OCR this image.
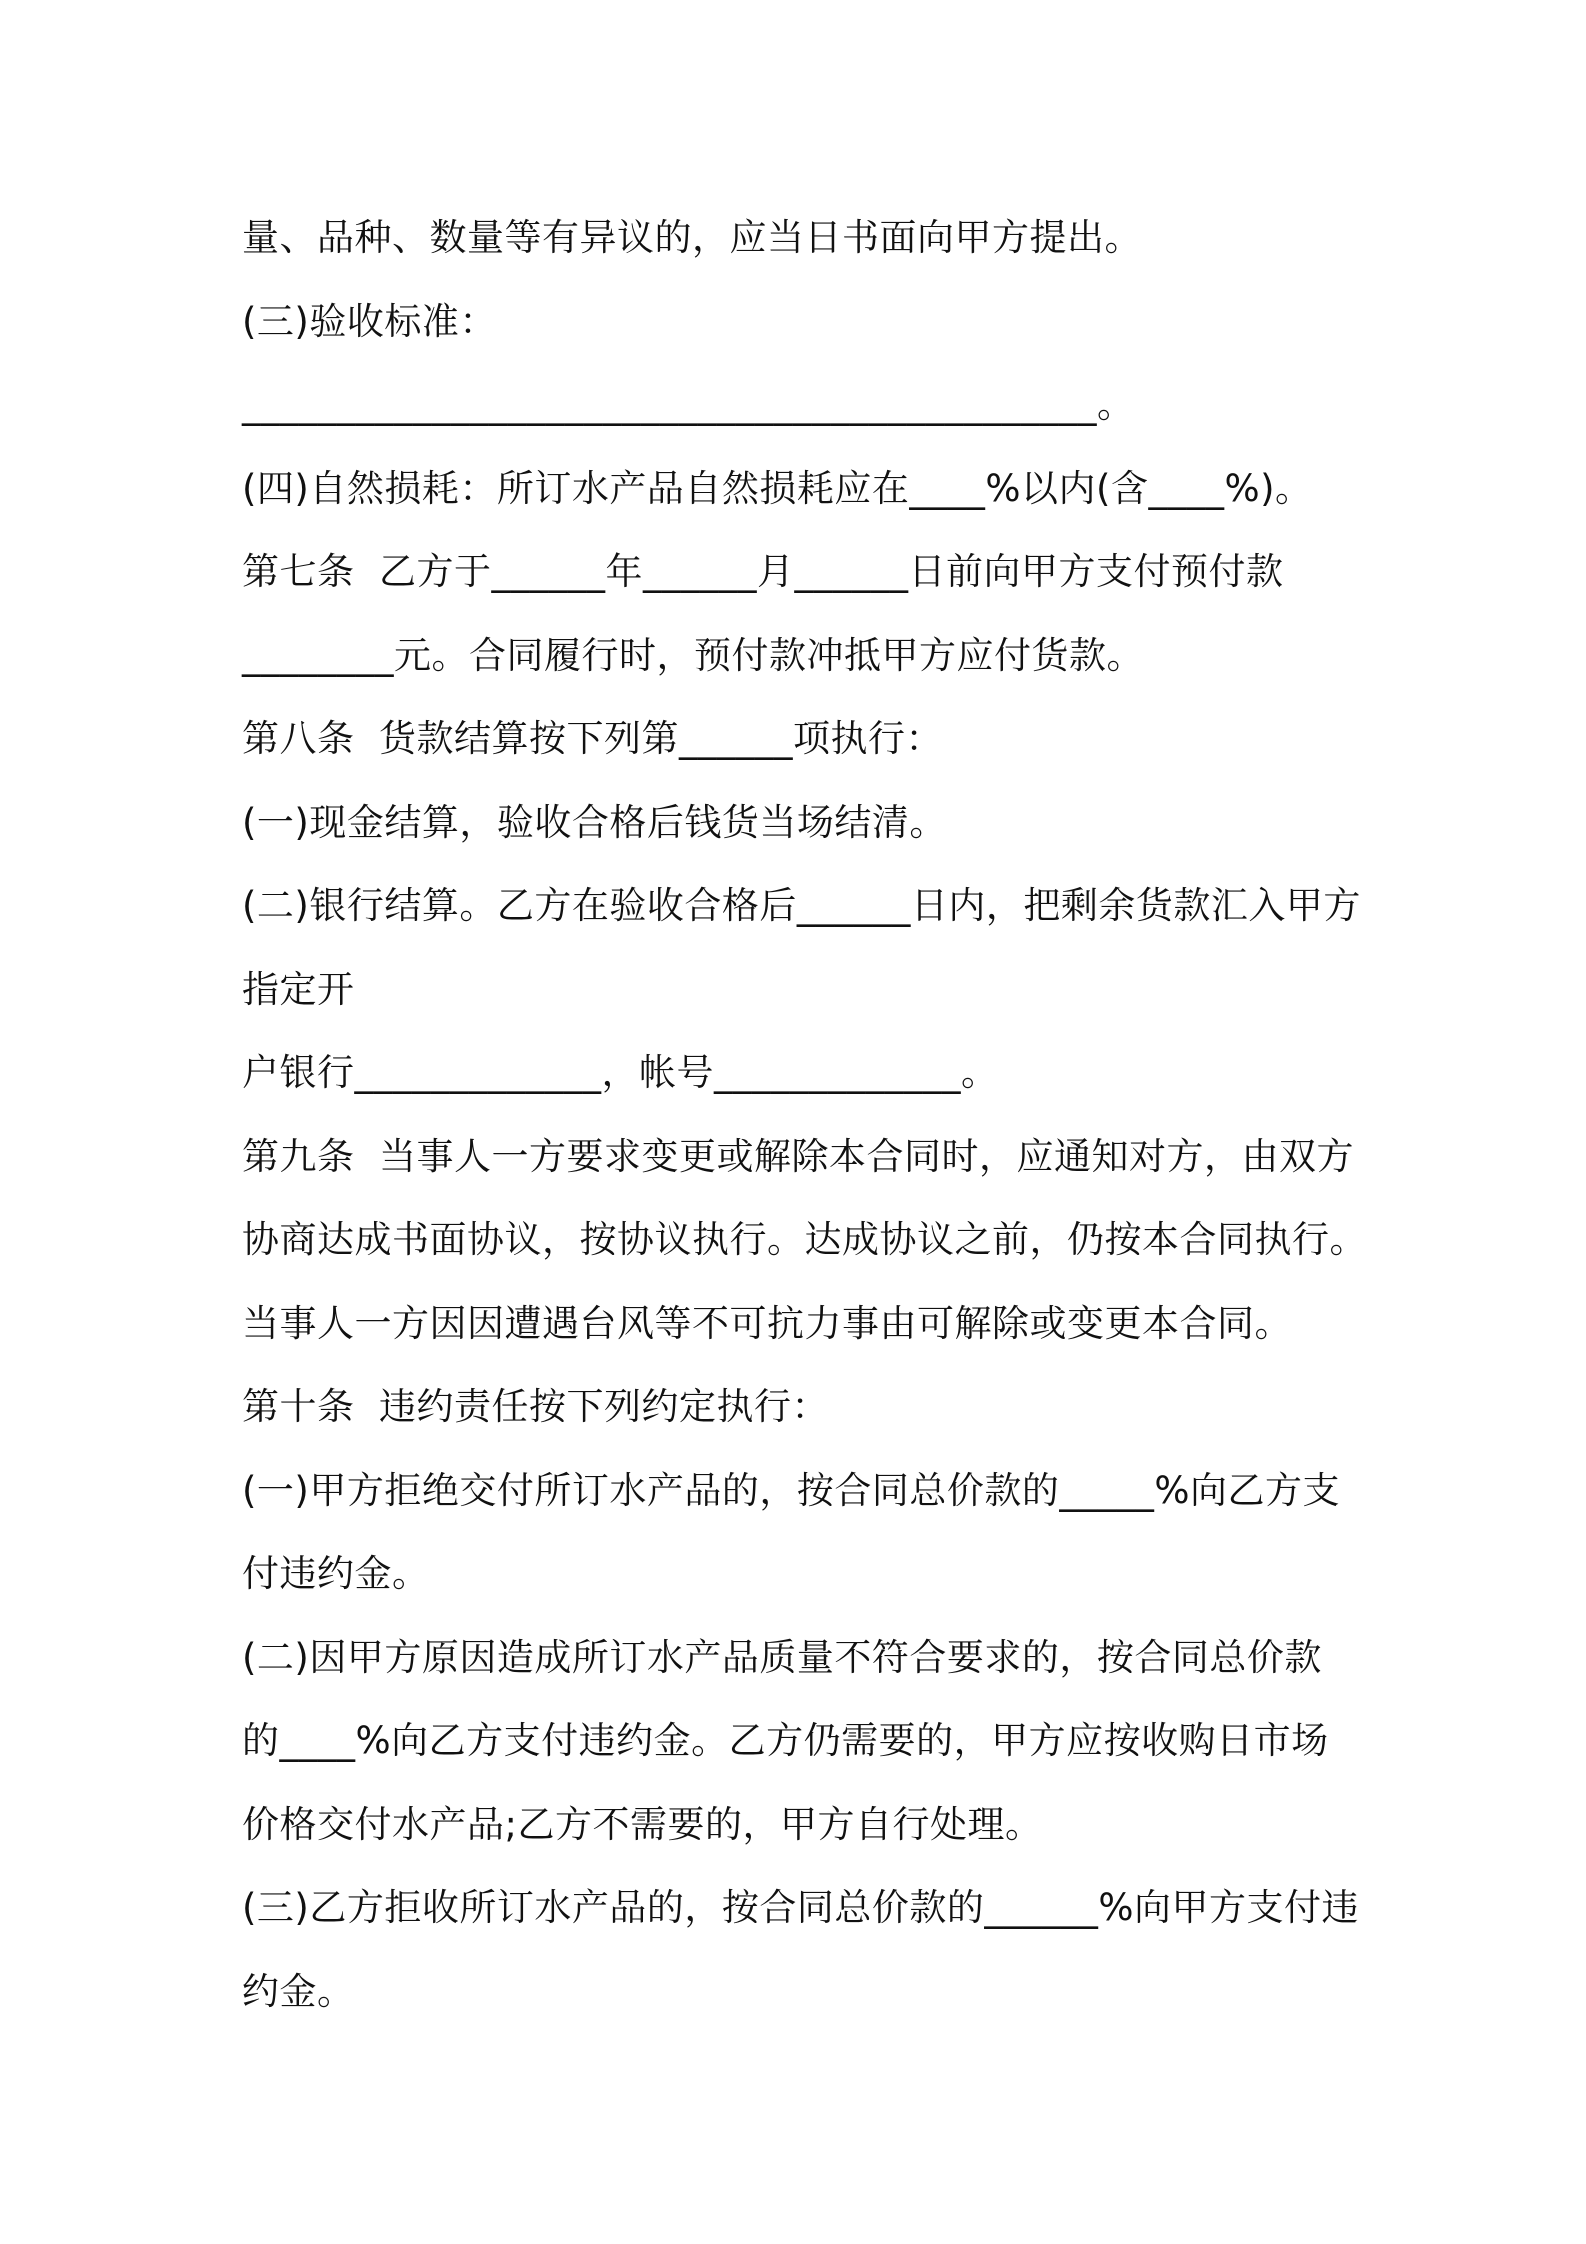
量、品种、数量等有异议的，应当日书面向甲方提出。
(三)验收标准：
_____________________________________________。
(四)自然损耗：所订水产品自然损耗应在____%以内(含____%)。
第七条  乙方于______年______月______日前向甲方支付预付款
________元。合同履行时，预付款冲抵甲方应付货款。
第八条  货款结算按下列第______项执行：
(一)现金结算，验收合格后钱货当场结清。
(二)银行结算。乙方在验收合格后______日内，把剩余货款汇入甲方
指定开
户银行_____________，帐号_____________。
第九条  当事人一方要求变更或解除本合同时，应通知对方，由双方
协商达成书面协议，按协议执行。达成协议之前，仍按本合同执行。
当事人一方因因遭遇台风等不可抗力事由可解除或变更本合同。
第十条  违约责任按下列约定执行：
(一)甲方拒绝交付所订水产品的，按合同总价款的_____%向乙方支
付违约金。
(二)因甲方原因造成所订水产品质量不符合要求的，按合同总价款
的____%向乙方支付违约金。乙方仍需要的，甲方应按收购日市场
价格交付水产品;乙方不需要的，甲方自行处理。
(三)乙方拒收所订水产品的，按合同总价款的______%向甲方支付违
约金。
